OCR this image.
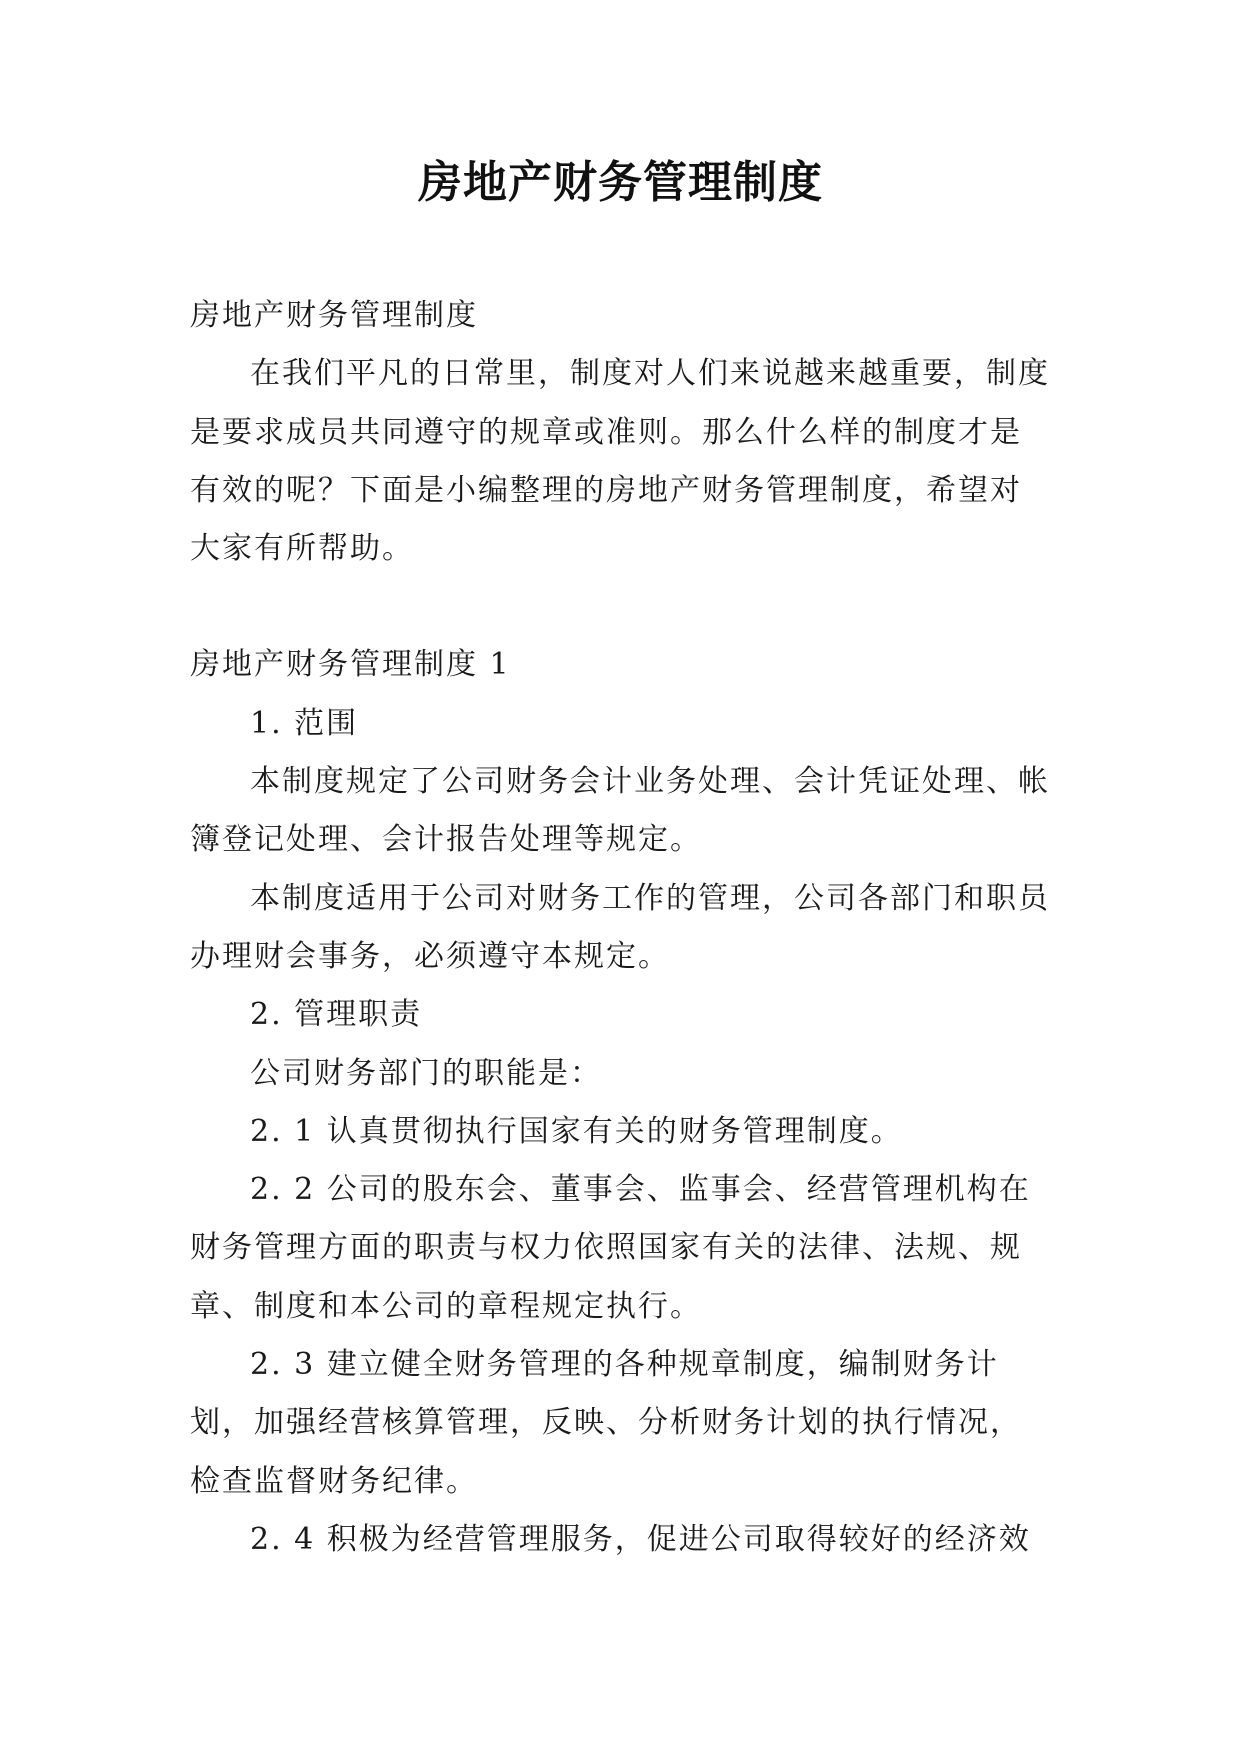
房地产财务管理制度

房地产财务管理制度

在我们平凡的日常里，制度对人们来说越来越重要，制度是要求成员共同遵守的规章或准则。那么什么样的制度才是有效的呢？下面是小编整理的房地产财务管理制度，希望对大家有所帮助。

房地产财务管理制度 1

1. 范围

本制度规定了公司财务会计业务处理、会计凭证处理、帐簿登记处理、会计报告处理等规定。

本制度适用于公司对财务工作的管理，公司各部门和职员办理财会事务，必须遵守本规定。

2. 管理职责

公司财务部门的职能是：

2. 1 认真贯彻执行国家有关的财务管理制度。

2. 2 公司的股东会、董事会、监事会、经营管理机构在财务管理方面的职责与权力依照国家有关的法律、法规、规章、制度和本公司的章程规定执行。

2. 3 建立健全财务管理的各种规章制度，编制财务计划，加强经营核算管理，反映、分析财务计划的执行情况，检查监督财务纪律。

2. 4 积极为经营管理服务，促进公司取得较好的经济效
